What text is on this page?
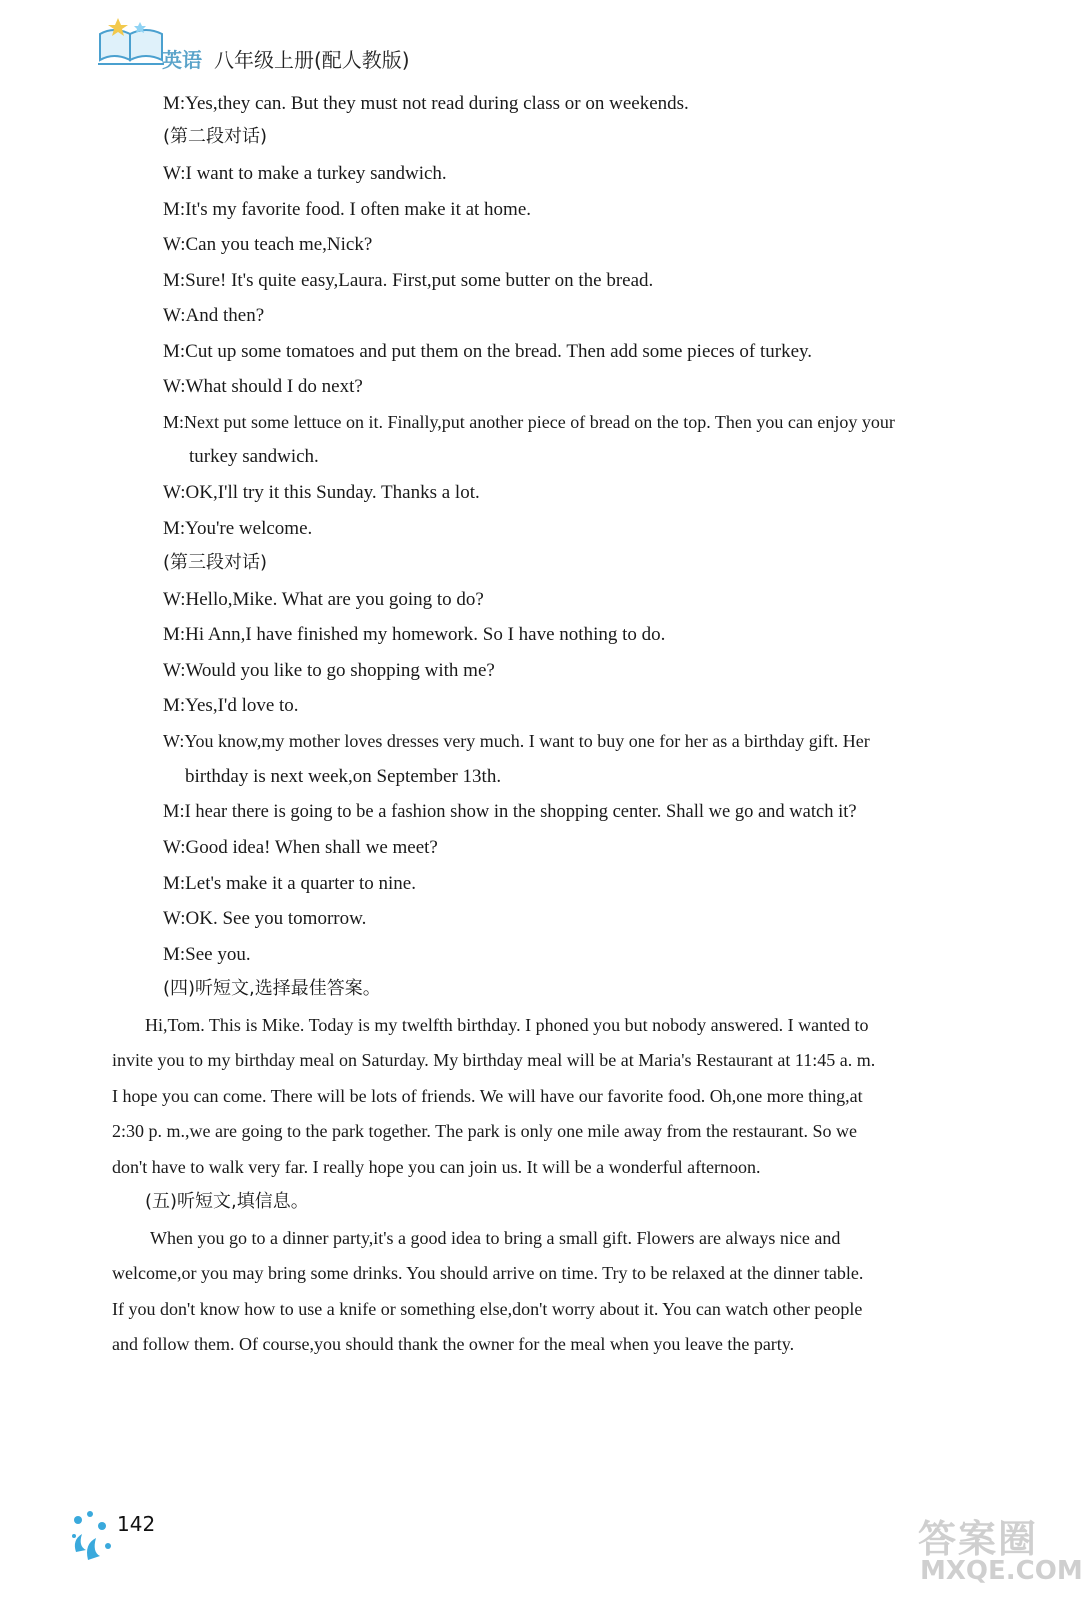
英语 八年级上册(配人教版)
M:Yes,they can. But they must not read during class or on weekends.
(第二段对话)
W:I want to make a turkey sandwich.
M:It's my favorite food. I often make it at home.
W:Can you teach me,Nick?
M:Sure! It's quite easy,Laura. First,put some butter on the bread.
W:And then?
M:Cut up some tomatoes and put them on the bread. Then add some pieces of turkey.
W:What should I do next?
M:Next put some lettuce on it. Finally,put another piece of bread on the top. Then you can enjoy your
turkey sandwich.
W:OK,I'll try it this Sunday. Thanks a lot.
M:You're welcome.
(第三段对话)
W:Hello,Mike. What are you going to do?
M:Hi Ann,I have finished my homework. So I have nothing to do.
W:Would you like to go shopping with me?
M:Yes,I'd love to.
W:You know,my mother loves dresses very much. I want to buy one for her as a birthday gift. Her
birthday is next week,on September 13th.
M:I hear there is going to be a fashion show in the shopping center. Shall we go and watch it?
W:Good idea! When shall we meet?
M:Let's make it a quarter to nine.
W:OK. See you tomorrow.
M:See you.
(四)听短文,选择最佳答案。
Hi,Tom. This is Mike. Today is my twelfth birthday. I phoned you but nobody answered. I wanted to
invite you to my birthday meal on Saturday. My birthday meal will be at Maria's Restaurant at 11:45 a. m.
I hope you can come. There will be lots of friends. We will have our favorite food. Oh,one more thing,at
2:30 p. m.,we are going to the park together. The park is only one mile away from the restaurant. So we
don't have to walk very far. I really hope you can join us. It will be a wonderful afternoon.
(五)听短文,填信息。
When you go to a dinner party,it's a good idea to bring a small gift. Flowers are always nice and
welcome,or you may bring some drinks. You should arrive on time. Try to be relaxed at the dinner table.
If you don't know how to use a knife or something else,don't worry about it. You can watch other people
and follow them. Of course,you should thank the owner for the meal when you leave the party.
142	答案圈
MXQE.COM
